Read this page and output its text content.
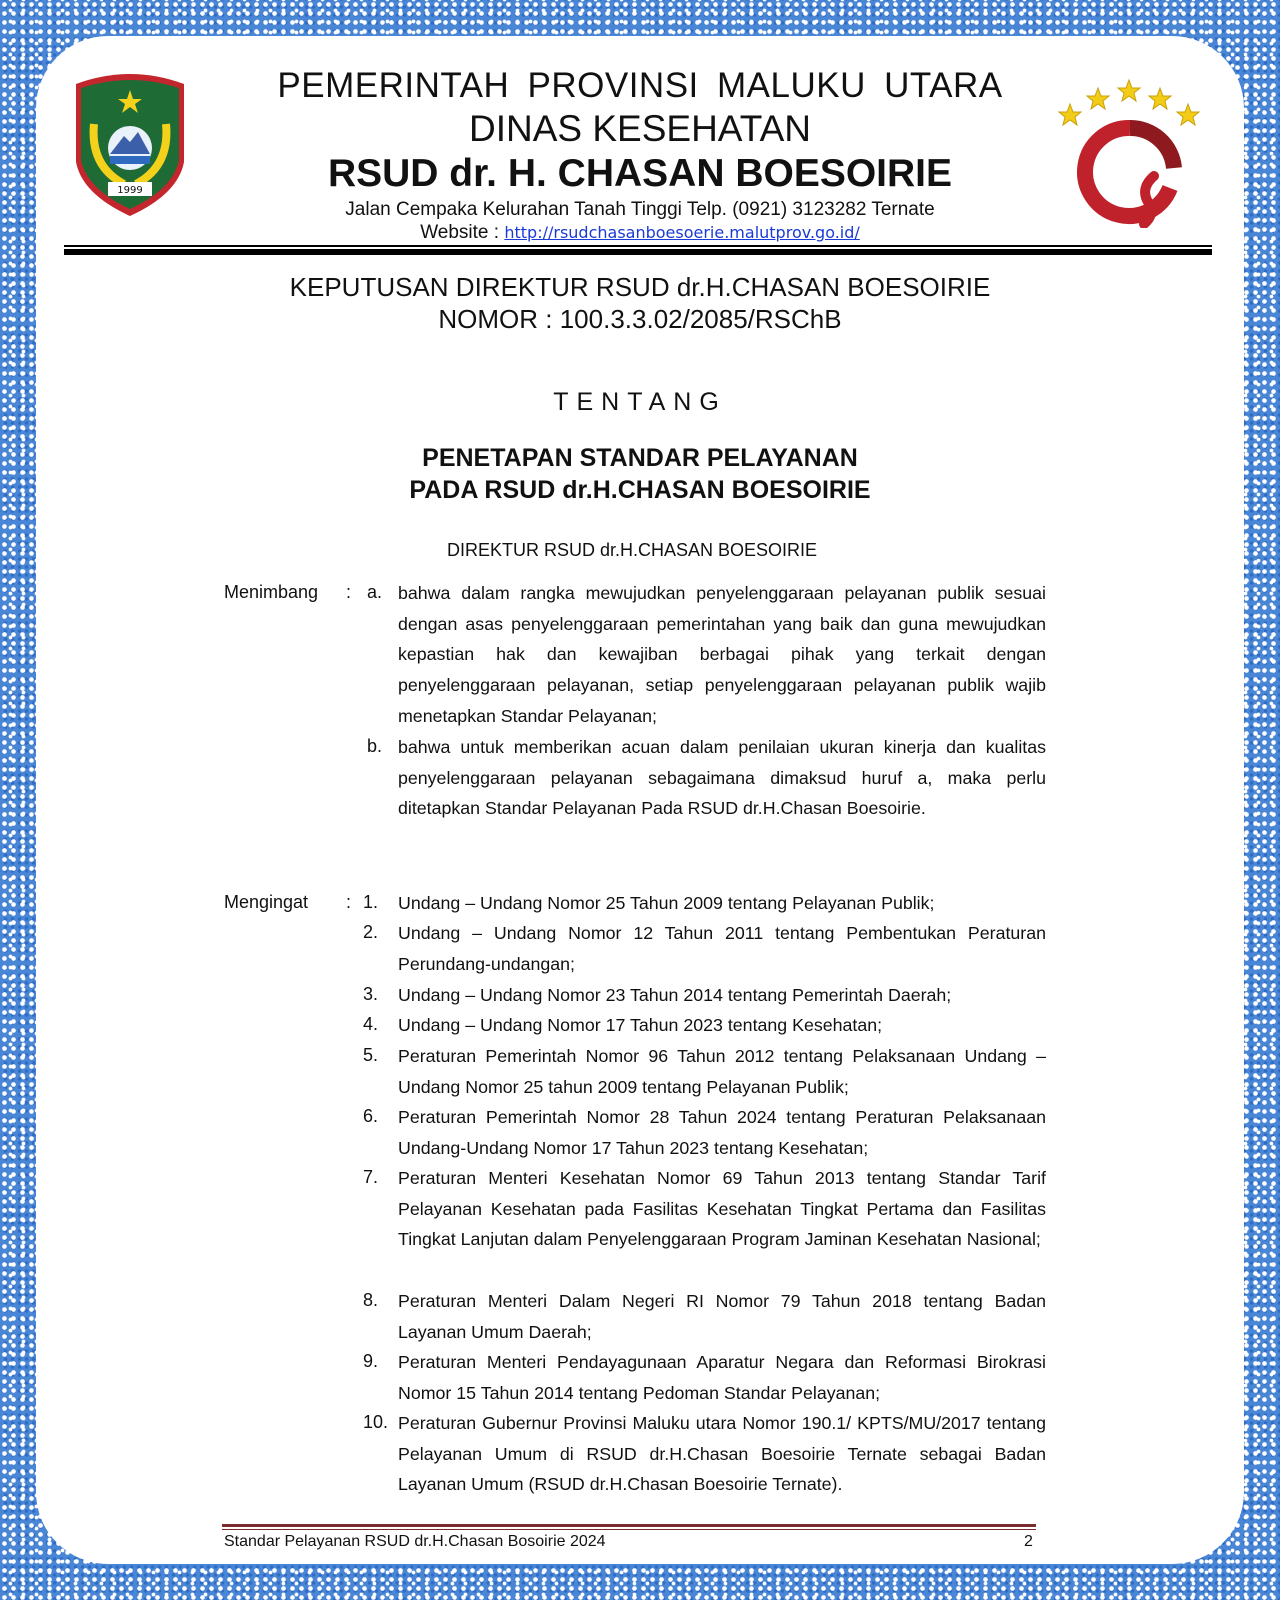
1999
PEMERINTAH PROVINSI MALUKU UTARA
DINAS KESEHATAN
RSUD dr. H. CHASAN BOESOIRIE
Jalan Cempaka Kelurahan Tanah Tinggi Telp. (0921) 3123282 Ternate
Website : http://rsudchasanboesoerie.malutprov.go.id/
KEPUTUSAN DIREKTUR RSUD dr.H.CHASAN BOESOIRIE
NOMOR : 100.3.3.02/2085/RSChB
TENTANG
PENETAPAN STANDAR PELAYANAN
PADA RSUD dr.H.CHASAN BOESOIRIE
DIREKTUR RSUD dr.H.CHASAN BOESOIRIE
Menimbang : a. bahwa dalam rangka mewujudkan penyelenggaraan pelayanan publik sesuai dengan asas penyelenggaraan pemerintahan yang baik dan guna mewujudkan kepastian hak dan kewajiban berbagai pihak yang terkait dengan penyelenggaraan pelayanan, setiap penyelenggaraan pelayanan publik wajib menetapkan Standar Pelayanan;
b. bahwa untuk memberikan acuan dalam penilaian ukuran kinerja dan kualitas penyelenggaraan pelayanan sebagaimana dimaksud huruf a, maka perlu ditetapkan Standar Pelayanan Pada RSUD dr.H.Chasan Boesoirie.
Mengingat : 1. Undang – Undang Nomor 25 Tahun 2009 tentang Pelayanan Publik;
2. Undang – Undang Nomor 12 Tahun 2011 tentang Pembentukan Peraturan Perundang-undangan;
3. Undang – Undang Nomor 23 Tahun 2014 tentang Pemerintah Daerah;
4. Undang – Undang Nomor 17 Tahun 2023 tentang Kesehatan;
5. Peraturan Pemerintah Nomor 96 Tahun 2012 tentang Pelaksanaan Undang – Undang Nomor 25 tahun 2009 tentang Pelayanan Publik;
6. Peraturan Pemerintah Nomor 28 Tahun 2024 tentang Peraturan Pelaksanaan Undang-Undang Nomor 17 Tahun 2023 tentang Kesehatan;
7. Peraturan Menteri Kesehatan Nomor 69 Tahun 2013 tentang Standar Tarif Pelayanan Kesehatan pada Fasilitas Kesehatan Tingkat Pertama dan Fasilitas Tingkat Lanjutan dalam Penyelenggaraan Program Jaminan Kesehatan Nasional;
8. Peraturan Menteri Dalam Negeri RI Nomor 79 Tahun 2018 tentang Badan Layanan Umum Daerah;
9. Peraturan Menteri Pendayagunaan Aparatur Negara dan Reformasi Birokrasi Nomor 15 Tahun 2014 tentang Pedoman Standar Pelayanan;
10. Peraturan Gubernur Provinsi Maluku utara Nomor 190.1/ KPTS/MU/2017 tentang Pelayanan Umum di RSUD dr.H.Chasan Boesoirie Ternate sebagai Badan Layanan Umum (RSUD dr.H.Chasan Boesoirie Ternate).
Standar Pelayanan RSUD dr.H.Chasan Bosoirie 2024	2
